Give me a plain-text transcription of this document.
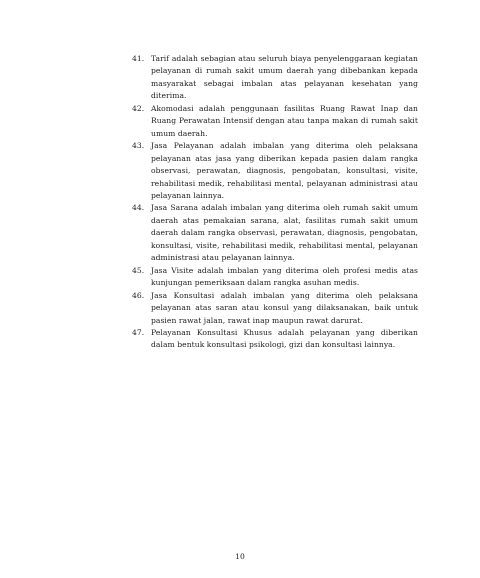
41. Tarif adalah sebagian atau seluruh biaya penyelenggaraan kegiatan pelayanan di rumah sakit umum daerah yang dibebankan kepada masyarakat sebagai imbalan atas pelayanan kesehatan yang diterima.
42. Akomodasi adalah penggunaan fasilitas Ruang Rawat Inap dan Ruang Perawatan Intensif dengan atau tanpa makan di rumah sakit umum daerah.
43. Jasa Pelayanan adalah imbalan yang diterima oleh pelaksana pelayanan atas jasa yang diberikan kepada pasien dalam rangka observasi, perawatan, diagnosis, pengobatan, konsultasi, visite, rehabilitasi medik, rehabilitasi mental, pelayanan administrasi atau pelayanan lainnya.
44. Jasa Sarana adalah imbalan yang diterima oleh rumah sakit umum daerah atas pemakaian sarana, alat, fasilitas rumah sakit umum daerah dalam rangka observasi, perawatan, diagnosis, pengobatan, konsultasi, visite, rehabilitasi medik, rehabilitasi mental, pelayanan administrasi atau pelayanan lainnya.
45. Jasa Visite adalah imbalan yang diterima oleh profesi medis atas kunjungan pemeriksaan dalam rangka asuhan medis.
46. Jasa Konsultasi adalah imbalan yang diterima oleh pelaksana pelayanan atas saran atau konsul yang dilaksanakan, baik untuk pasien rawat jalan, rawat inap maupun rawat darurat.
47. Pelayanan Konsultasi Khusus adalah pelayanan yang diberikan dalam bentuk konsultasi psikologi, gizi dan konsultasi lainnya.
10
